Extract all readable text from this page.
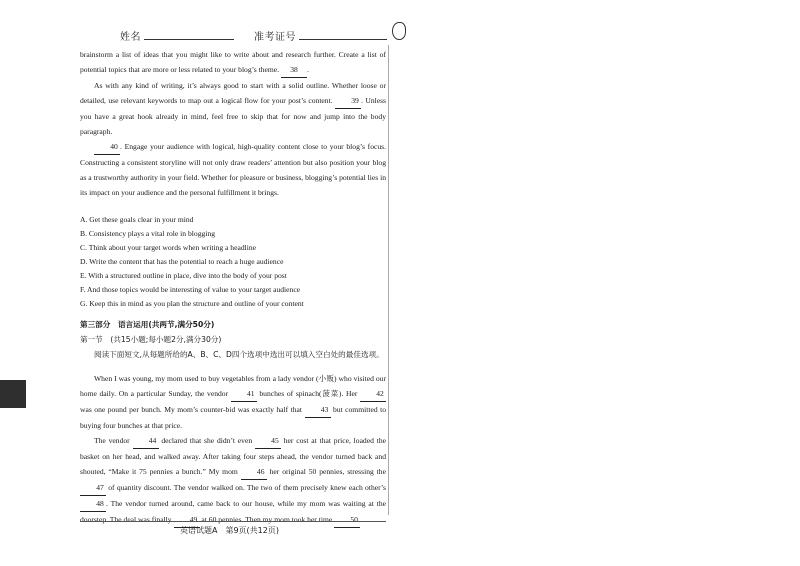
姓名	准考证号

brainstorm a list of ideas that you might like to write about and research further. Create a list of potential topics that are more or less related to your blog’s theme. 38 .

As with any kind of writing, it’s always good to start with a solid outline. Whether loose or detailed, use relevant keywords to map out a logical flow for your post’s content. 39 . Unless you have a great hook already in mind, feel free to skip that for now and jump into the body paragraph.

40 . Engage your audience with logical, high-quality content close to your blog’s focus. Constructing a consistent storyline will not only draw readers’ attention but also position your blog as a trustworthy authority in your field. Whether for pleasure or business, blogging’s potential lies in its impact on your audience and the personal fulfillment it brings.

A. Get these goals clear in your mind
B. Consistency plays a vital role in blogging
C. Think about your target words when writing a headline
D. Write the content that has the potential to reach a huge audience
E. With a structured outline in place, dive into the body of your post
F. And those topics would be interesting of value to your target audience
G. Keep this in mind as you plan the structure and outline of your content
第三部分　语言运用(共两节,满分50分)
第一节　(共15小题;每小题2分,满分30分)

阅读下面短文,从每题所给的A、B、C、D四个选项中选出可以填入空白处的最佳选项。

When I was young, my mom used to buy vegetables from a lady vendor (小贩) who visited our home daily. On a particular Sunday, the vendor 41 bunches of spinach(菠菜). Her 42 was one pound per bunch. My mom’s counter-bid was exactly half that 43 but committed to buying four bunches at that price.

The vendor	44 declared that she didn’t even	45 her cost at that price, loaded the basket on her head, and walked away. After taking four steps ahead, the vendor turned back and shouted, “Make it 75 pennies a bunch.” My mom	46 her original 50 pennies, stressing the 47 of quantity discount. The vendor walked on. The two of them precisely knew each other’s 48 . The vendor turned around, came back to our house, while my mom was waiting at the doorstep. The deal was finally 49 at 60 pennies. Then my mom took her time 50

英语试题A　第9页(共12页)
